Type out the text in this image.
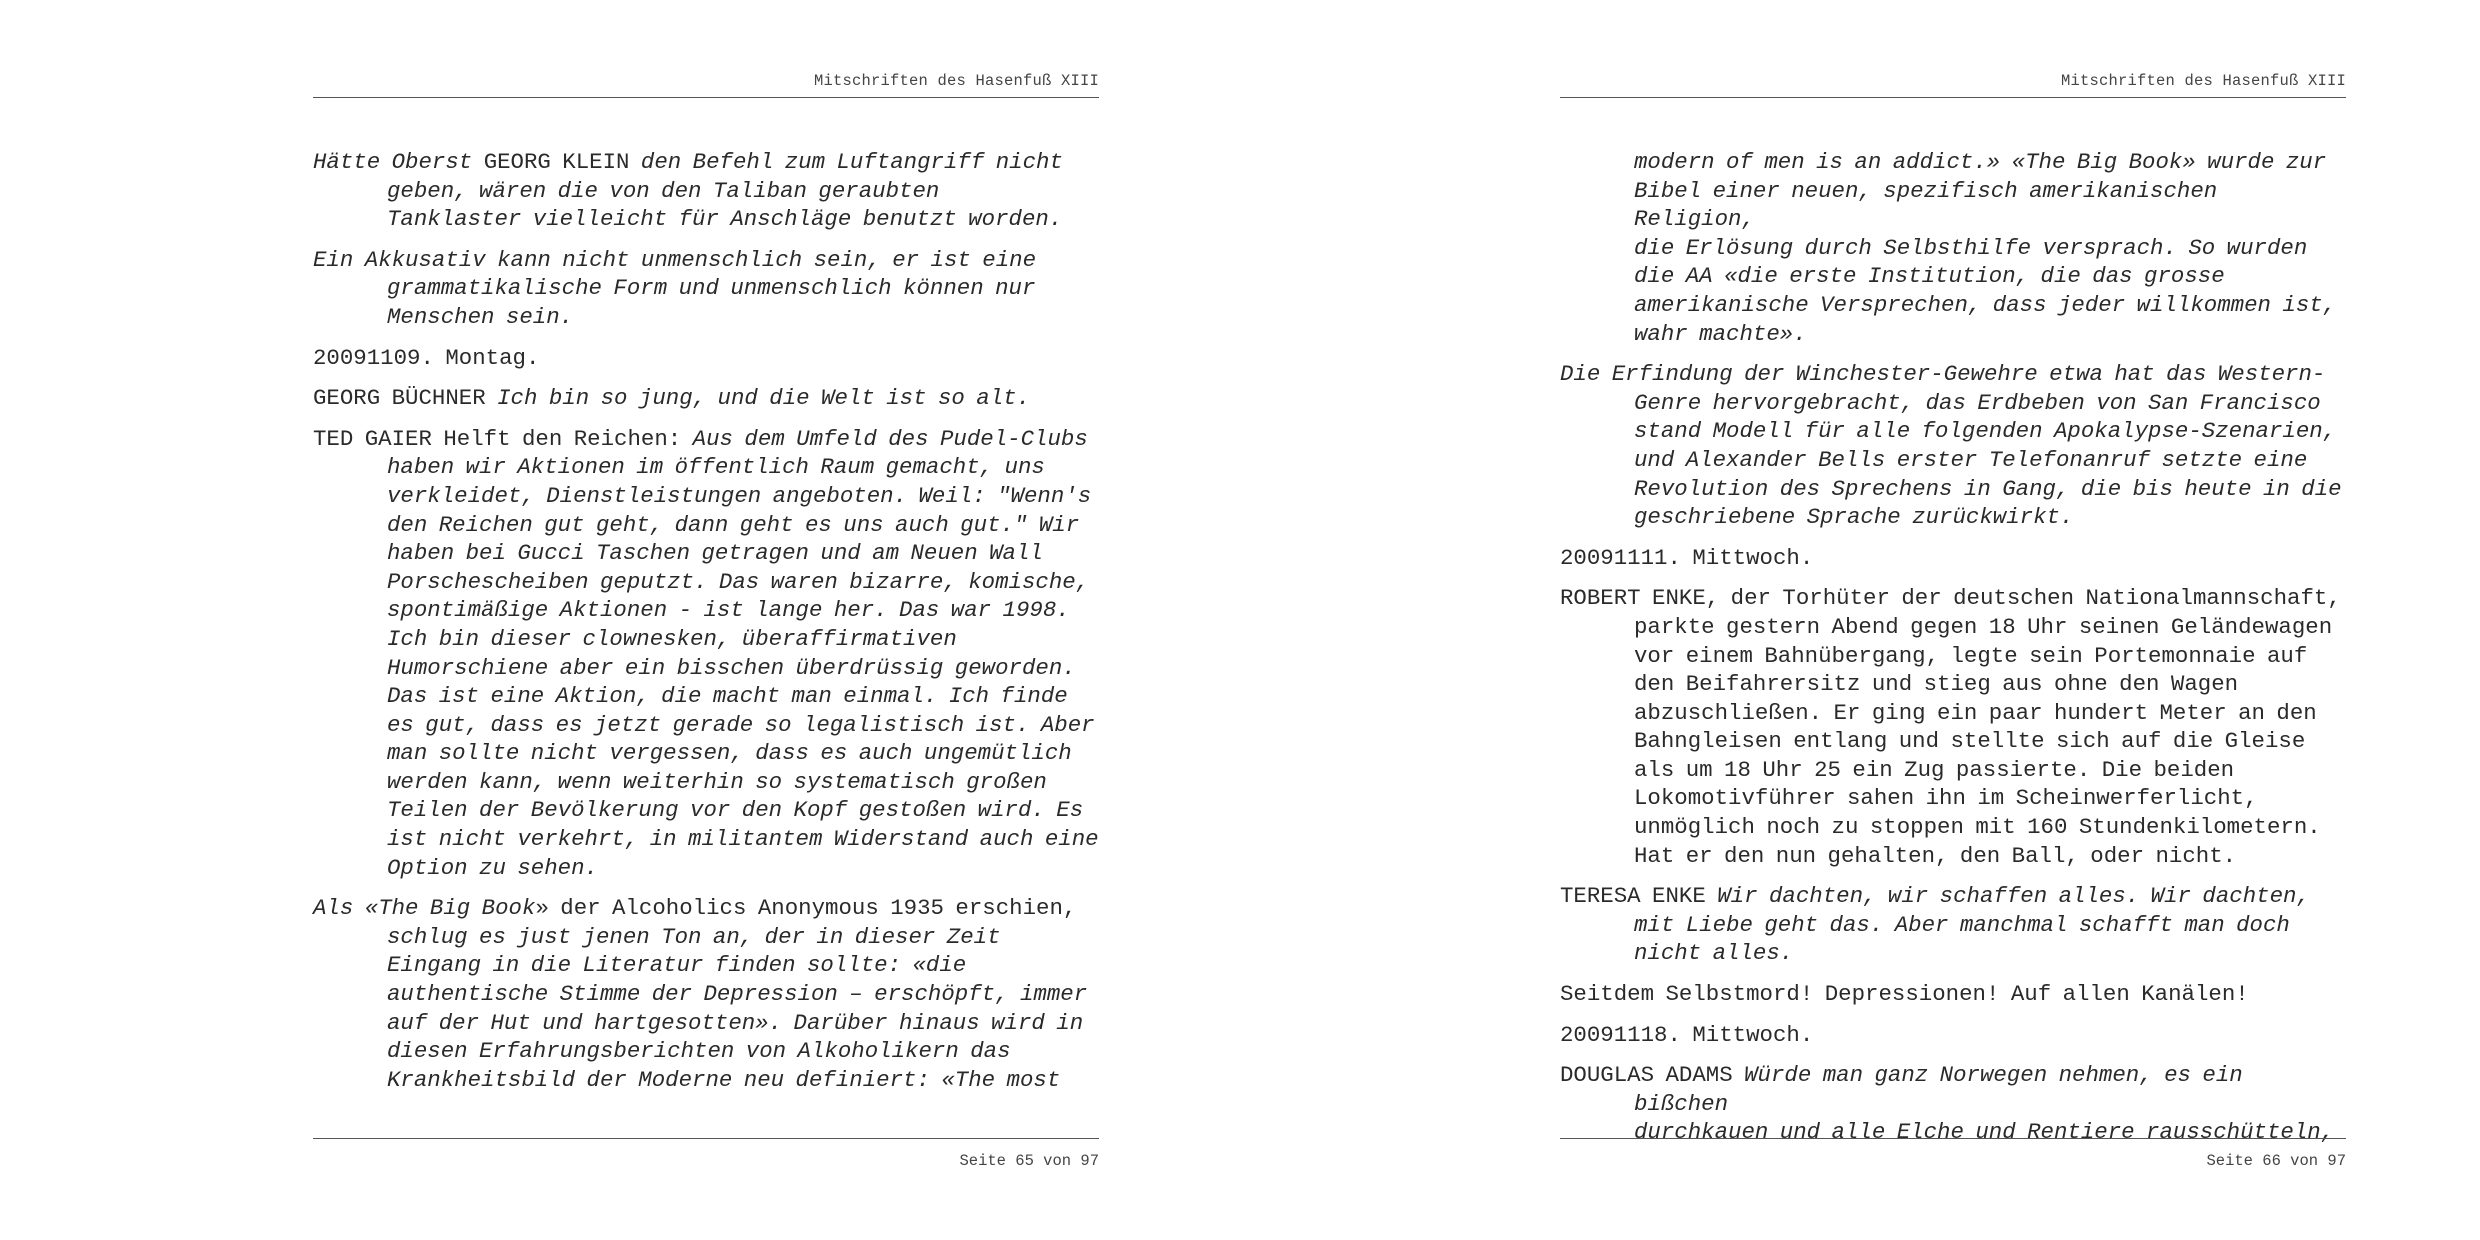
Mitschriften des Hasenfuß XIII

Hätte Oberst GEORG KLEIN den Befehl zum Luftangriff nicht
geben, wären die von den Taliban geraubten
Tanklaster vielleicht für Anschläge benutzt worden.

Ein Akkusativ kann nicht unmenschlich sein, er ist eine
grammatikalische Form und unmenschlich können nur
Menschen sein.

20091109. Montag.

GEORG BÜCHNER Ich bin so jung, und die Welt ist so alt.

TED GAIER Helft den Reichen: Aus dem Umfeld des Pudel-Clubs
haben wir Aktionen im öffentlich Raum gemacht, uns
verkleidet, Dienstleistungen angeboten. Weil: "Wenn's
den Reichen gut geht, dann geht es uns auch gut." Wir
haben bei Gucci Taschen getragen und am Neuen Wall
Porschescheiben geputzt. Das waren bizarre, komische,
spontimäßige Aktionen - ist lange her. Das war 1998.
Ich bin dieser clownesken, überaffirmativen
Humorschiene aber ein bisschen überdrüssig geworden.
Das ist eine Aktion, die macht man einmal. Ich finde
es gut, dass es jetzt gerade so legalistisch ist. Aber
man sollte nicht vergessen, dass es auch ungemütlich
werden kann, wenn weiterhin so systematisch großen
Teilen der Bevölkerung vor den Kopf gestoßen wird. Es
ist nicht verkehrt, in militantem Widerstand auch eine
Option zu sehen.

Als «The Big Book» der Alcoholics Anonymous 1935 erschien,
schlug es just jenen Ton an, der in dieser Zeit
Eingang in die Literatur finden sollte: «die
authentische Stimme der Depression – erschöpft, immer
auf der Hut und hartgesotten». Darüber hinaus wird in
diesen Erfahrungsberichten von Alkoholikern das
Krankheitsbild der Moderne neu definiert: «The most

Seite 65 von 97
Mitschriften des Hasenfuß XIII

modern of men is an addict.» «The Big Book» wurde zur
Bibel einer neuen, spezifisch amerikanischen Religion,
die Erlösung durch Selbsthilfe versprach. So wurden
die AA «die erste Institution, die das grosse
amerikanische Versprechen, dass jeder willkommen ist,
wahr machte».

Die Erfindung der Winchester-Gewehre etwa hat das Western-
Genre hervorgebracht, das Erdbeben von San Francisco
stand Modell für alle folgenden Apokalypse-Szenarien,
und Alexander Bells erster Telefonanruf setzte eine
Revolution des Sprechens in Gang, die bis heute in die
geschriebene Sprache zurückwirkt.

20091111. Mittwoch.

ROBERT ENKE, der Torhüter der deutschen Nationalmannschaft,
parkte gestern Abend gegen 18 Uhr seinen Geländewagen
vor einem Bahnübergang, legte sein Portemonnaie auf
den Beifahrersitz und stieg aus ohne den Wagen
abzuschließen. Er ging ein paar hundert Meter an den
Bahngleisen entlang und stellte sich auf die Gleise
als um 18 Uhr 25 ein Zug passierte. Die beiden
Lokomotivführer sahen ihn im Scheinwerferlicht,
unmöglich noch zu stoppen mit 160 Stundenkilometern.
Hat er den nun gehalten, den Ball, oder nicht.

TERESA ENKE Wir dachten, wir schaffen alles. Wir dachten,
mit Liebe geht das. Aber manchmal schafft man doch
nicht alles.

Seitdem Selbstmord! Depressionen! Auf allen Kanälen!

20091118. Mittwoch.

DOUGLAS ADAMS Würde man ganz Norwegen nehmen, es ein bißchen
durchkauen und alle Elche und Rentiere rausschütteln,

Seite 66 von 97
